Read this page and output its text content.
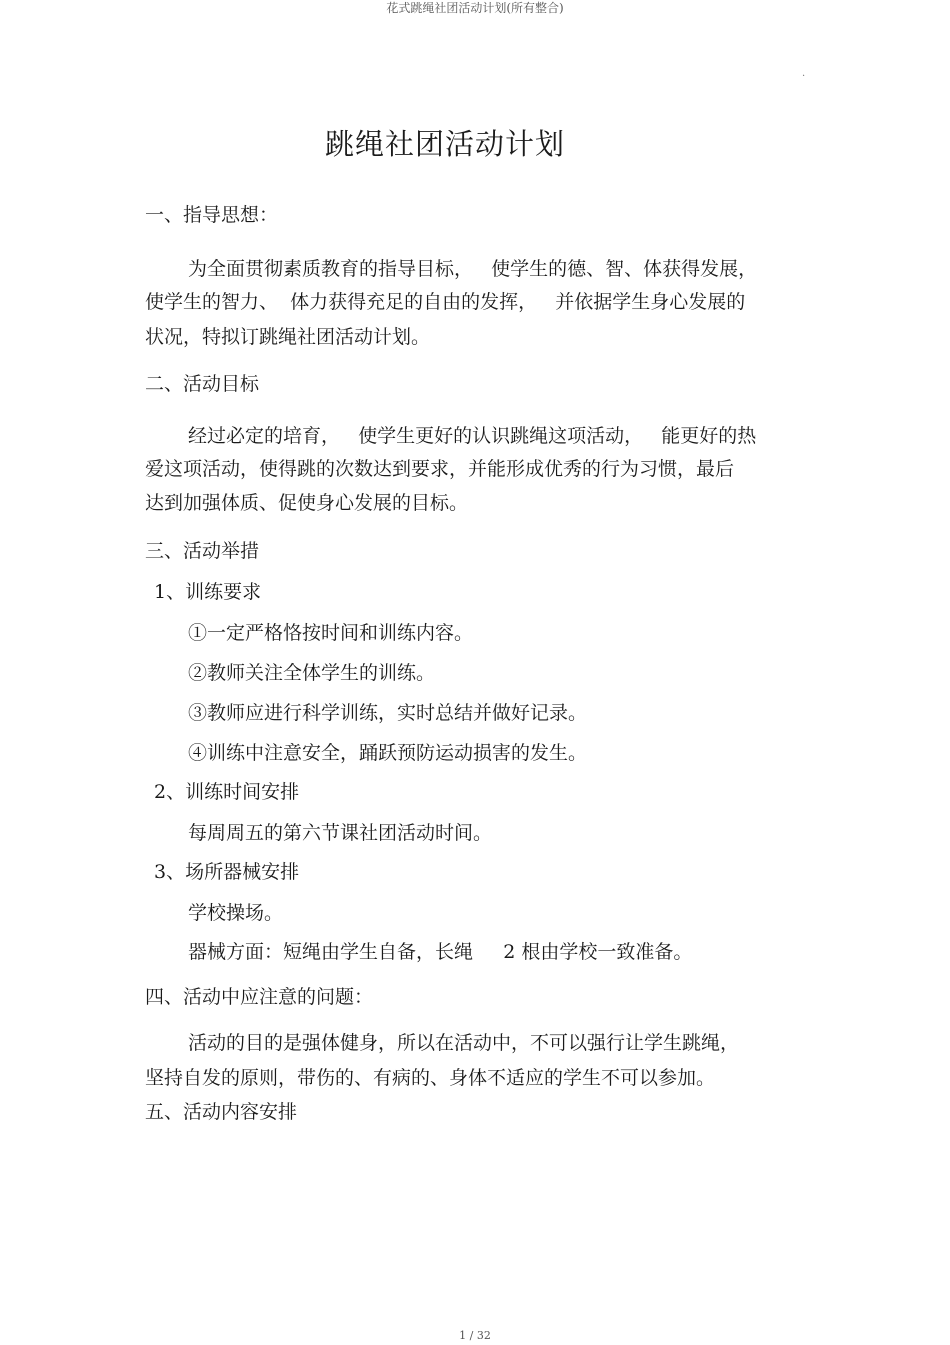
花式跳绳社团活动计划(所有整合)
.
跳绳社团活动计划
一、指导思想：
为全面贯彻素质教育的指导目标，   使学生的德、智、体获得发展，
使学生的智力、  体力获得充足的自由的发挥，   并依据学生身心发展的
状况，特拟订跳绳社团活动计划。
二、活动目标
经过必定的培育，   使学生更好的认识跳绳这项活动，   能更好的热
爱这项活动，使得跳的次数达到要求，并能形成优秀的行为习惯，最后
达到加强体质、促使身心发展的目标。
三、活动举措
1、训练要求
①一定严格恪按时间和训练内容。
②教师关注全体学生的训练。
③教师应进行科学训练，实时总结并做好记录。
④训练中注意安全，踊跃预防运动损害的发生。
2、训练时间安排
每周周五的第六节课社团活动时间。
3、场所器械安排
学校操场。
器械方面：短绳由学生自备，长绳     2 根由学校一致准备。
四、活动中应注意的问题：
活动的目的是强体健身，所以在活动中，不可以强行让学生跳绳，
坚持自发的原则，带伤的、有病的、身体不适应的学生不可以参加。
五、活动内容安排
1 / 32
